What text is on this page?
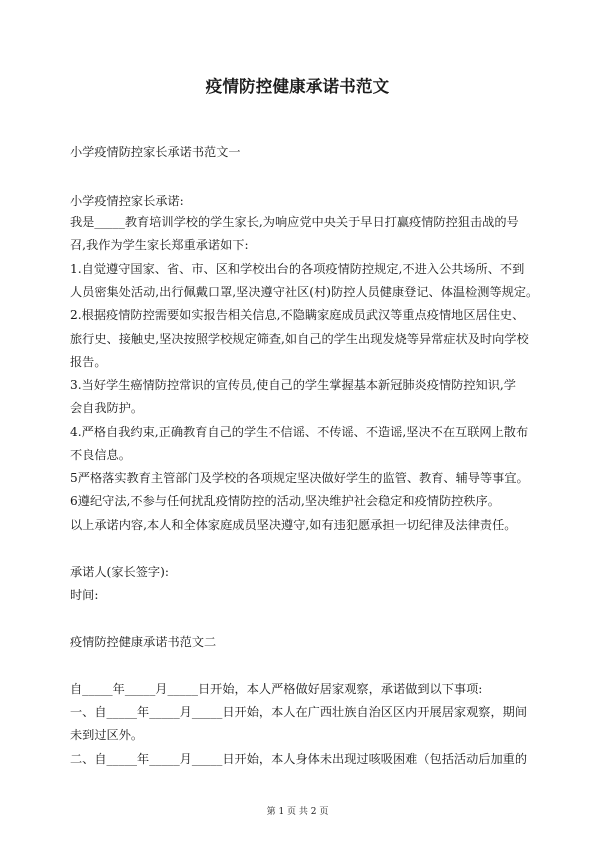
疫情防控健康承诺书范文
小学疫情防控家长承诺书范文一
小学疫情控家长承诺:
我是_____教育培训学校的学生家长,为响应党中央关于早日打赢疫情防控狙击战的号
召,我作为学生家长郑重承诺如下:
1.自觉遵守国家、省、市、区和学校出台的各项疫情防控规定,不进入公共场所、不到
人员密集处活动,出行佩戴口罩,坚决遵守社区(村)防控人员健康登记、体温检测等规定。
2.根据疫情防控需要如实报告相关信息,不隐瞒家庭成员武汉等重点疫情地区居住史、
旅行史、接触史,坚决按照学校规定筛查,如自己的学生出现发烧等异常症状及时向学校
报告。
3.当好学生癌情防控常识的宣传员,使自己的学生掌握基本新冠肺炎疫情防控知识,学
会自我防护。
4.严格自我约束,正确教育自己的学生不信谣、不传谣、不造谣,坚决不在互联网上散布
不良信息。
5严格落实教育主管部门及学校的各项规定坚决做好学生的监管、教育、辅导等事宜。
6遵纪守法,不参与任何扰乱疫情防控的活动,坚决维护社会稳定和疫情防控秩序。
以上承诺内容,本人和全体家庭成员坚决遵守,如有违犯愿承担一切纪律及法律责任。
承诺人(家长签字):
时间:
疫情防控健康承诺书范文二
自_____年_____月_____日开始，本人严格做好居家观察，承诺做到以下事项:
一、自_____年_____月_____日开始，本人在广西壮族自治区区内开展居家观察，期间
未到过区外。
二、自_____年_____月_____日开始，本人身体未出现过咳吸困难（包括活动后加重的
第 1 页 共 2 页
